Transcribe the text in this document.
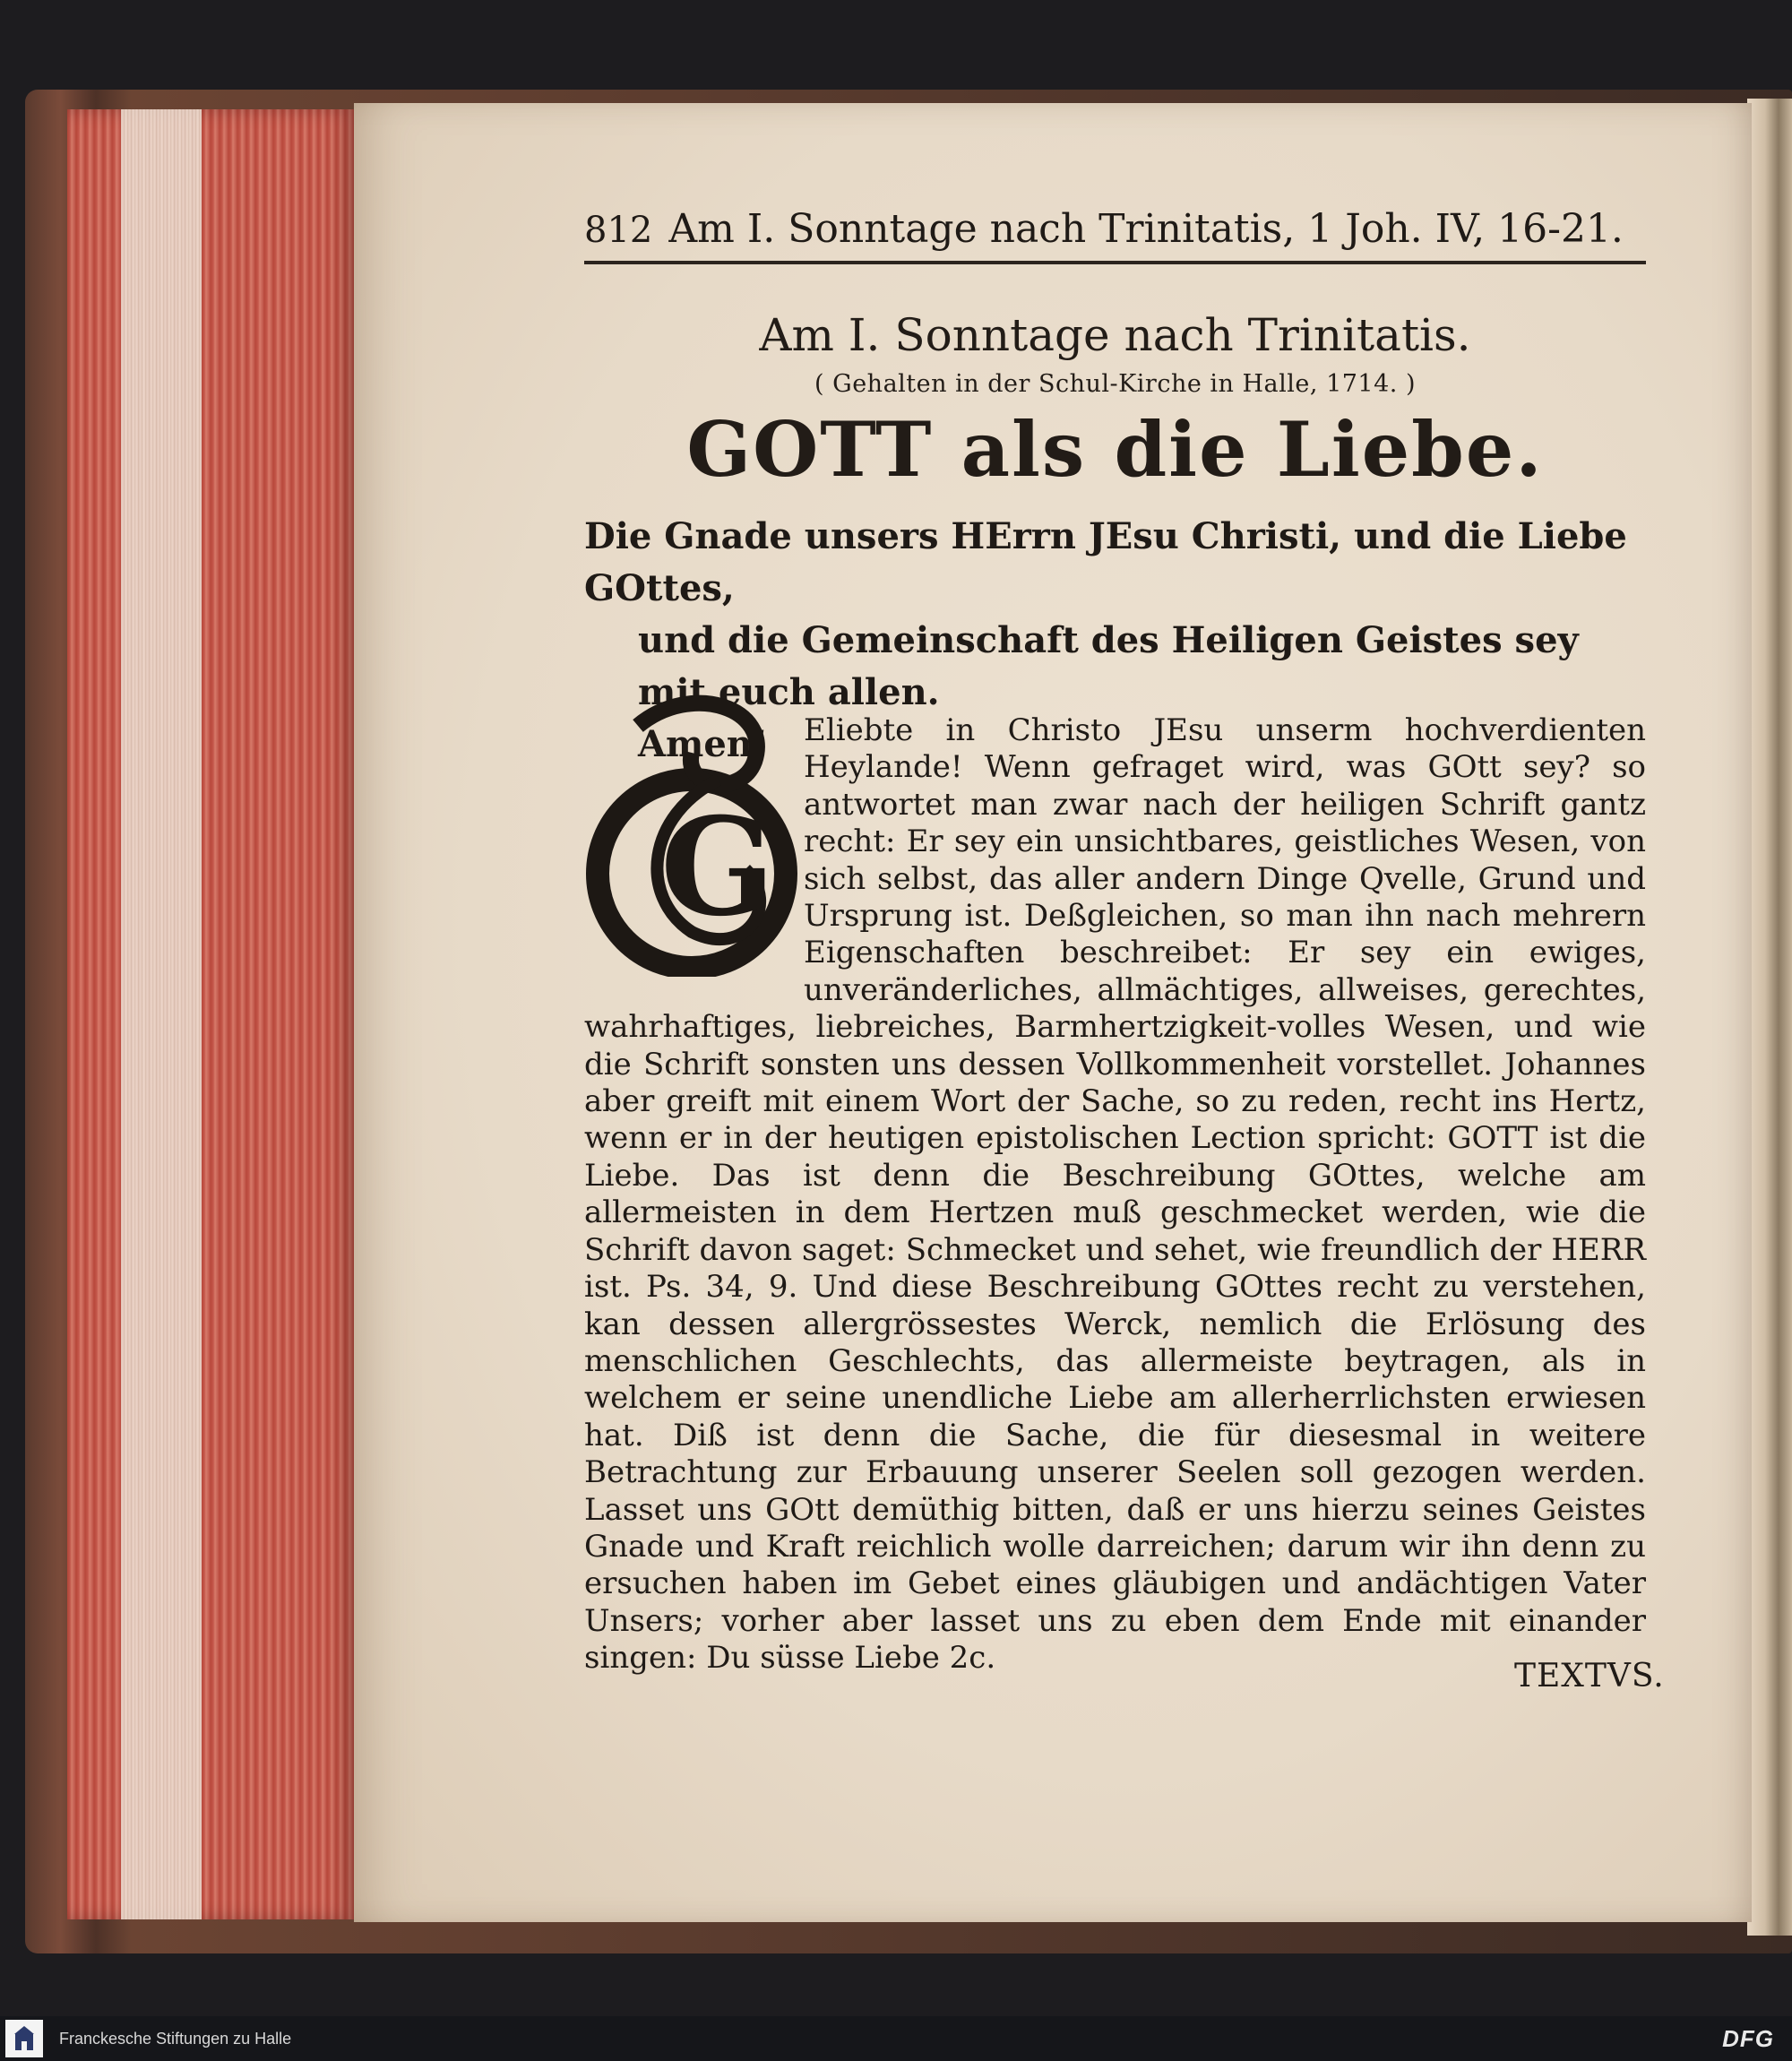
812 Am I. Sonntage nach Trinitatis, 1 Joh. IV, 16-21.

Am I. Sonntage nach Trinitatis.

( Gehalten in der Schul-Kirche in Halle, 1714. )

GOTT als die Liebe.

Die Gnade unsers HErrn JEsu Christi, und die Liebe GOttes,
und die Gemeinschaft des Heiligen Geistes sey mit euch allen.
Amen!
G
Eliebte in Christo JEsu unserm hochverdienten Heylande! Wenn gefraget wird, was GOtt sey? so antwortet man zwar nach der heiligen Schrift gantz recht: Er sey ein unsichtbares, geistliches Wesen, von sich selbst, das aller andern Dinge Qvelle, Grund und Ursprung ist. Deßgleichen, so man ihn nach mehrern Eigenschaften beschreibet: Er sey ein ewiges, unveränderliches, allmächtiges, allweises, gerechtes, wahrhaftiges, liebreiches, Barmhertzigkeit-volles Wesen, und wie die Schrift sonsten uns dessen Vollkommenheit vorstellet. Johannes aber greift mit einem Wort der Sache, so zu reden, recht ins Hertz, wenn er in der heutigen epistolischen Lection spricht: GOTT ist die Liebe. Das ist denn die Beschreibung GOttes, welche am allermeisten in dem Hertzen muß geschmecket werden, wie die Schrift davon saget: Schmecket und sehet, wie freundlich der HERR ist. Ps. 34, 9. Und diese Beschreibung GOttes recht zu verstehen, kan dessen allergrössestes Werck, nemlich die Erlösung des menschlichen Geschlechts, das allermeiste beytragen, als in welchem er seine unendliche Liebe am allerherrlichsten erwiesen hat. Diß ist denn die Sache, die für diesesmal in weitere Betrachtung zur Erbauung unserer Seelen soll gezogen werden. Lasset uns GOtt demüthig bitten, daß er uns hierzu seines Geistes Gnade und Kraft reichlich wolle darreichen; darum wir ihn denn zu ersuchen haben im Gebet eines gläubigen und andächtigen Vater Unsers; vorher aber lasset uns zu eben dem Ende mit einander singen: Du süsse Liebe 2c.	TEXTVS.
Franckesche Stiftungen zu Halle	DFG
